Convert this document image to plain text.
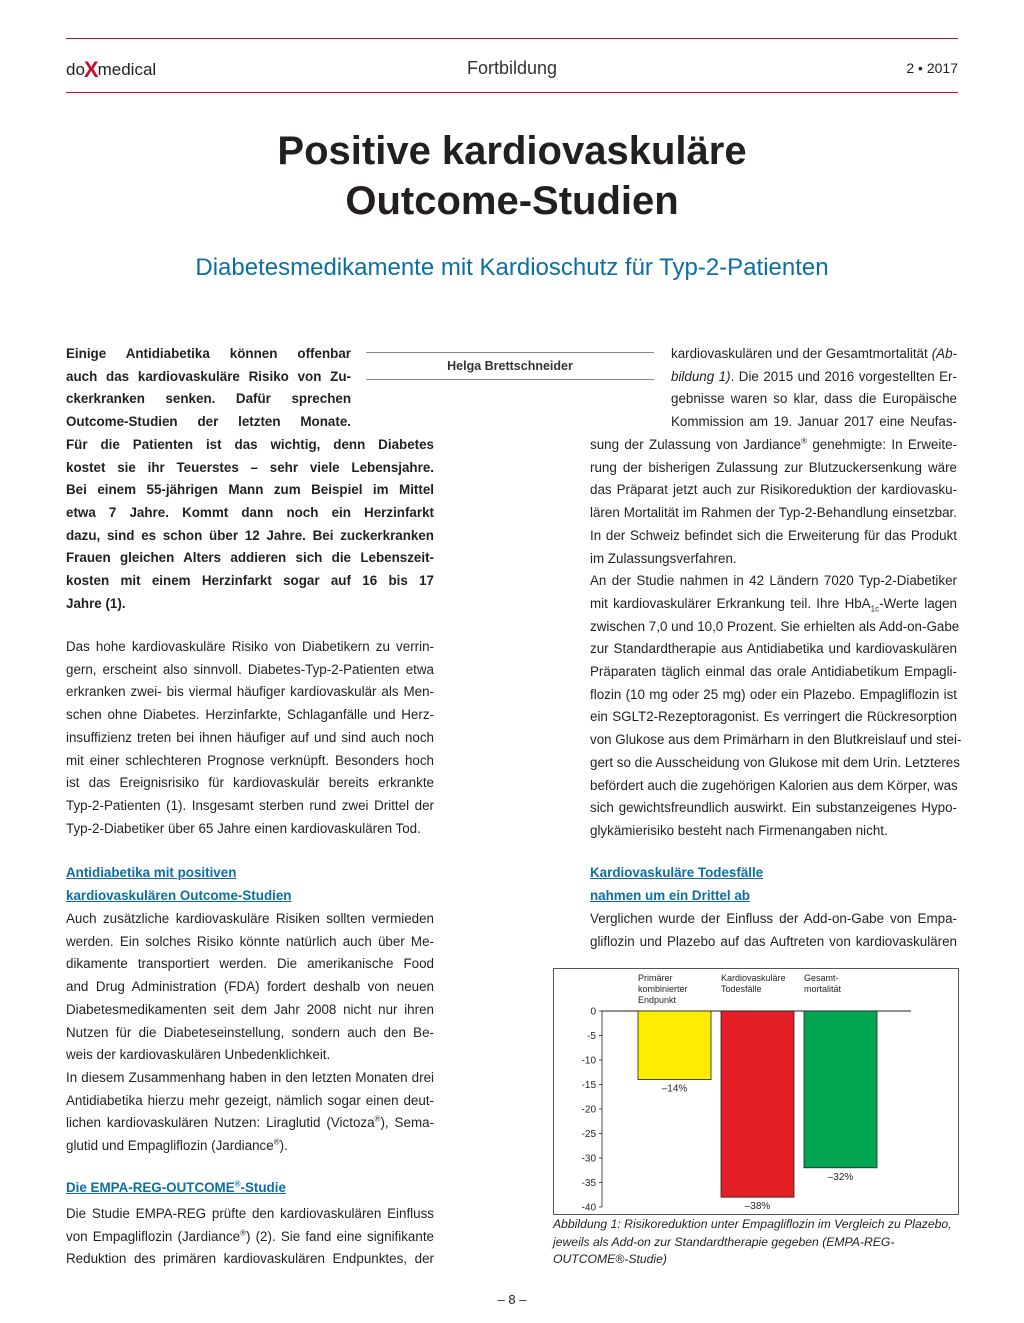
doXmedical	Fortbildung	2 • 2017
Positive kardiovaskuläre
Outcome-Studien
Diabetesmedikamente mit Kardioschutz für Typ-2-Patienten
Einige Antidiabetika können offenbar
auch das kardiovaskuläre Risiko von Zu-
ckerkranken senken. Dafür sprechen
Outcome-Studien der letzten Monate.
Für die Patienten ist das wichtig, denn Diabetes
kostet sie ihr Teuerstes – sehr viele Lebensjahre.
Bei einem 55-jährigen Mann zum Beispiel im Mittel
etwa 7 Jahre. Kommt dann noch ein Herzinfarkt
dazu, sind es schon über 12 Jahre. Bei zuckerkranken
Frauen gleichen Alters addieren sich die Lebenszeit-
kosten mit einem Herzinfarkt sogar auf 16 bis 17
Jahre (1).
Helga Brettschneider
Das hohe kardiovaskuläre Risiko von Diabetikern zu verrin-
gern, erscheint also sinnvoll. Diabetes-Typ-2-Patienten etwa
erkranken zwei- bis viermal häufiger kardiovaskulär als Men-
schen ohne Diabetes. Herzinfarkte, Schlaganfälle und Herz-
insuffizienz treten bei ihnen häufiger auf und sind auch noch
mit einer schlechteren Prognose verknüpft. Besonders hoch
ist das Ereignisrisiko für kardiovaskulär bereits erkrankte
Typ-2-Patienten (1). Insgesamt sterben rund zwei Drittel der
Typ-2-Diabetiker über 65 Jahre einen kardiovaskulären Tod.
Antidiabetika mit positiven
kardiovaskulären Outcome-Studien
Auch zusätzliche kardiovaskuläre Risiken sollten vermieden
werden. Ein solches Risiko könnte natürlich auch über Me-
dikamente transportiert werden. Die amerikanische Food
and Drug Administration (FDA) fordert deshalb von neuen
Diabetesmedikamenten seit dem Jahr 2008 nicht nur ihren
Nutzen für die Diabeteseinstellung, sondern auch den Be-
weis der kardiovaskulären Unbedenklichkeit.
In diesem Zusammenhang haben in den letzten Monaten drei
Antidiabetika hierzu mehr gezeigt, nämlich sogar einen deut-
lichen kardiovaskulären Nutzen: Liraglutid (Victoza®), Sema-
glutid und Empagliflozin (Jardiance®).
Die EMPA-REG-OUTCOME®-Studie
Die Studie EMPA-REG prüfte den kardiovaskulären Einfluss
von Empagliflozin (Jardiance®) (2). Sie fand eine signifikante
Reduktion des primären kardiovaskulären Endpunktes, der
kardiovaskulären und der Gesamtmortalität (Ab-
bildung 1). Die 2015 und 2016 vorgestellten Er-
gebnisse waren so klar, dass die Europäische
Kommission am 19. Januar 2017 eine Neufas-
sung der Zulassung von Jardiance® genehmigte: In Erweite-
rung der bisherigen Zulassung zur Blutzuckersenkung wäre
das Präparat jetzt auch zur Risikoreduktion der kardiovasku-
lären Mortalität im Rahmen der Typ-2-Behandlung einsetzbar.
In der Schweiz befindet sich die Erweiterung für das Produkt
im Zulassungsverfahren.
An der Studie nahmen in 42 Ländern 7020 Typ-2-Diabetiker
mit kardiovaskulärer Erkrankung teil. Ihre HbA$_{1c}$-Werte lagen
zwischen 7,0 und 10,0 Prozent. Sie erhielten als Add-on-Gabe
zur Standardtherapie aus Antidiabetika und kardiovaskulären
Präparaten täglich einmal das orale Antidiabetikum Empagli-
flozin (10 mg oder 25 mg) oder ein Plazebo. Empagliflozin ist
ein SGLT2-Rezeptoragonist. Es verringert die Rückresorption
von Glukose aus dem Primärharn in den Blutkreislauf und stei-
gert so die Ausscheidung von Glukose mit dem Urin. Letzteres
befördert auch die zugehörigen Kalorien aus dem Körper, was
sich gewichtsfreundlich auswirkt. Ein substanzeigenes Hypo-
glykämierisiko besteht nach Firmenangaben nicht.
Kardiovaskuläre Todesfälle
nahmen um ein Drittel ab
Verglichen wurde der Einfluss der Add-on-Gabe von Empa-
gliflozin und Plazebo auf das Auftreten von kardiovaskulären
0
-5
-10
-15
-20
-25
-30
-35
-40
–14%
Primärer
kombinierter
Endpunkt
–38%
Kardiovaskuläre
Todesfälle
–32%
Gesamt-
mortalität
Abbildung 1: Risikoreduktion unter Empagliflozin im Vergleich zu Plazebo, jeweils als Add-on zur Standardtherapie gegeben (EMPA-REG-OUTCOME®-Studie)
– 8 –
